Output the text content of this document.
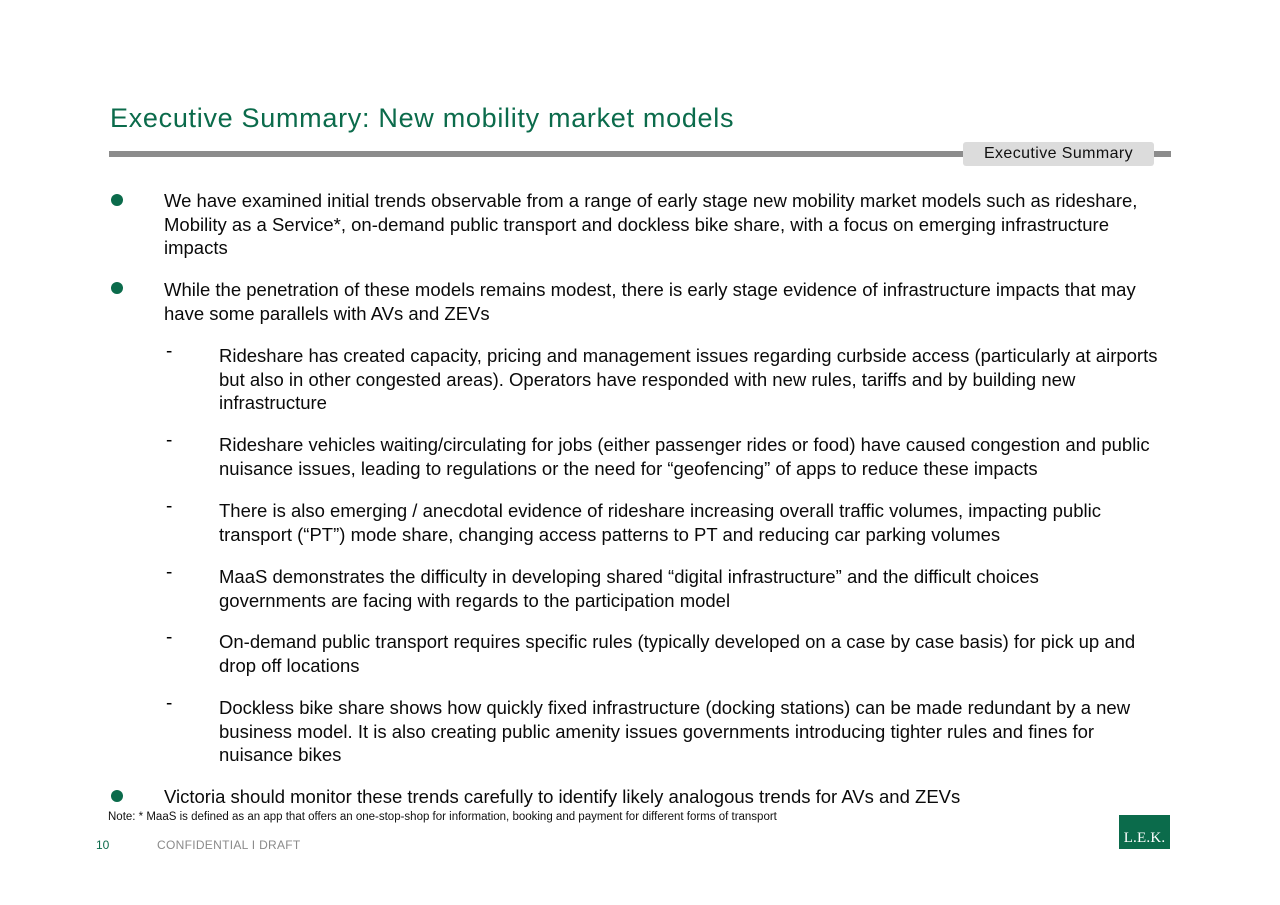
Executive Summary: New mobility market models
Executive Summary
We have examined initial trends observable from a range of early stage new mobility market models such as rideshare, Mobility as a Service*, on-demand public transport and dockless bike share, with a focus on emerging infrastructure impacts
While the penetration of these models remains modest, there is early stage evidence of infrastructure impacts that may have some parallels with AVs and ZEVs
-	Rideshare has created capacity, pricing and management issues regarding curbside access (particularly at airports but also in other congested areas). Operators have responded with new rules, tariffs and by building new infrastructure
-	Rideshare vehicles waiting/circulating for jobs (either passenger rides or food) have caused congestion and public nuisance issues, leading to regulations or the need for “geofencing” of apps to reduce these impacts
-	There is also emerging / anecdotal evidence of rideshare increasing overall traffic volumes, impacting public transport (“PT”) mode share, changing access patterns to PT and reducing car parking volumes
-	MaaS demonstrates the difficulty in developing shared “digital infrastructure” and the difficult choices governments are facing with regards to the participation model
-	On-demand public transport requires specific rules (typically developed on a case by case basis) for pick up and drop off locations
-	Dockless bike share shows how quickly fixed infrastructure (docking stations) can be made redundant by a new business model. It is also creating public amenity issues governments introducing tighter rules and fines for nuisance bikes
Victoria should monitor these trends carefully to identify likely analogous trends for AVs and ZEVs
Note: * MaaS is defined as an app that offers an one-stop-shop for information, booking and payment for different forms of transport
10	CONFIDENTIAL I DRAFT	L.E.K.
